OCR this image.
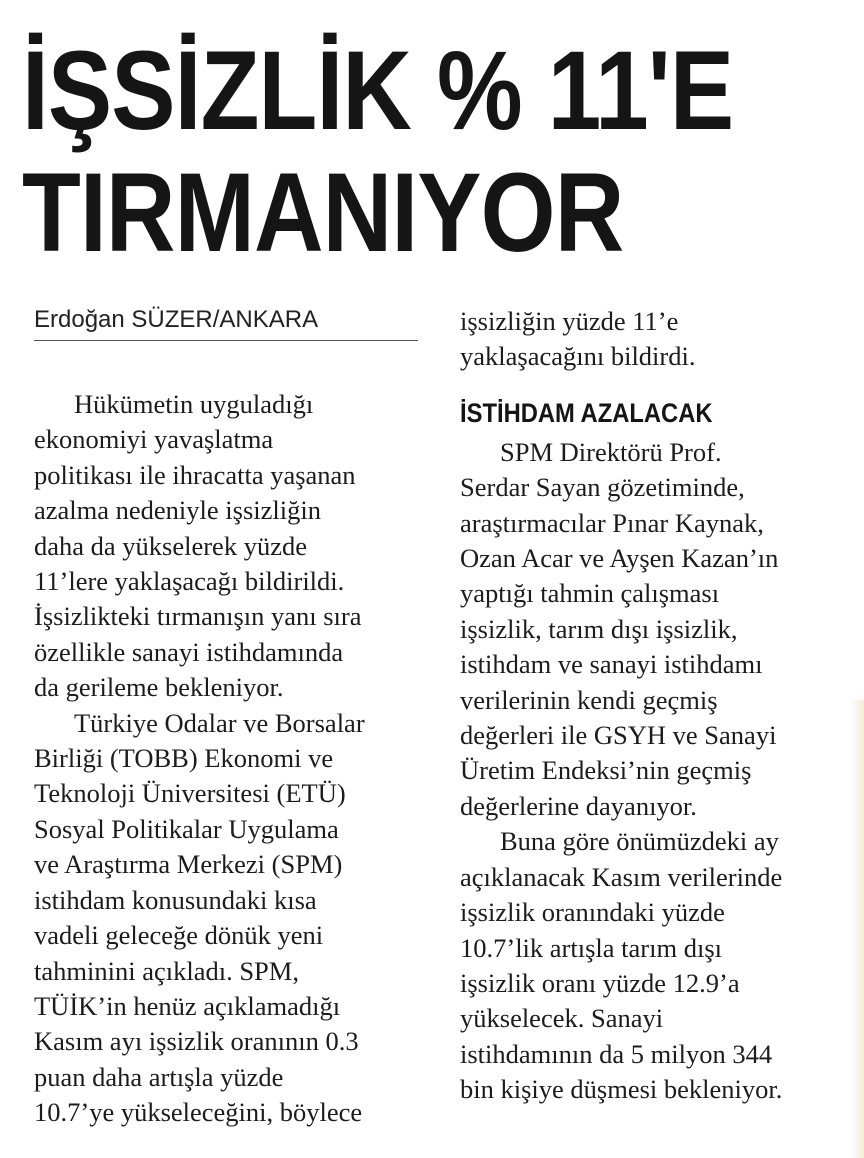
İŞSİZLİK % 11'E
TIRMANIYOR
Erdoğan SÜZER/ANKARA
Hükümetin uyguladığı
ekonomiyi yavaşlatma
politikası ile ihracatta yaşanan
azalma nedeniyle işsizliğin
daha da yükselerek yüzde
11’lere yaklaşacağı bildirildi.
İşsizlikteki tırmanışın yanı sıra
özellikle sanayi istihdamında
da gerileme bekleniyor.
Türkiye Odalar ve Borsalar
Birliği (TOBB) Ekonomi ve
Teknoloji Üniversitesi (ETÜ)
Sosyal Politikalar Uygulama
ve Araştırma Merkezi (SPM)
istihdam konusundaki kısa
vadeli geleceğe dönük yeni
tahminini açıkladı. SPM,
TÜİK’in henüz açıklamadığı
Kasım ayı işsizlik oranının 0.3
puan daha artışla yüzde
10.7’ye yükseleceğini, böylece
işsizliğin yüzde 11’e
yaklaşacağını bildirdi.
İSTİHDAM AZALACAK
SPM Direktörü Prof.
Serdar Sayan gözetiminde,
araştırmacılar Pınar Kaynak,
Ozan Acar ve Ayşen Kazan’ın
yaptığı tahmin çalışması
işsizlik, tarım dışı işsizlik,
istihdam ve sanayi istihdamı
verilerinin kendi geçmiş
değerleri ile GSYH ve Sanayi
Üretim Endeksi’nin geçmiş
değerlerine dayanıyor.
Buna göre önümüzdeki ay
açıklanacak Kasım verilerinde
işsizlik oranındaki yüzde
10.7’lik artışla tarım dışı
işsizlik oranı yüzde 12.9’a
yükselecek. Sanayi
istihdamının da 5 milyon 344
bin kişiye düşmesi bekleniyor.
